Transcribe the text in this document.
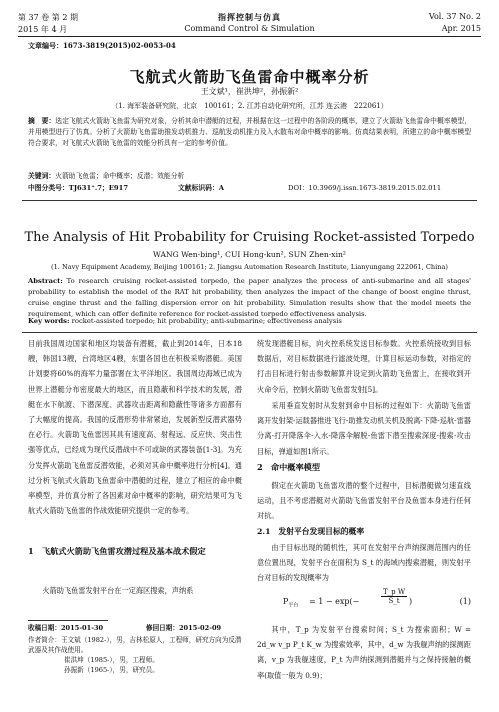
第 37 卷 第 2 期	指挥控制与仿真	Vol. 37 No. 2
2015 年 4 月	Command Control & Simulation	Apr. 2015
文章编号：1673-3819(2015)02-0053-04
飞航式火箭助飞鱼雷命中概率分析
王文斌¹，崔洪坤²，孙振新²
（1. 海军装备研究院，北京　100161；2. 江苏自动化研究所，江苏 连云港　222061）
摘　要：选定飞航式火箭助飞鱼雷为研究对象，分析其命中潜艇的过程，并根据在这一过程中的各阶段的概率，建立了火箭助飞鱼雷命中概率模型，并用模型进行了仿真。分析了火箭助飞鱼雷助推发动机推力、巡航发动机推力及入水散布对命中概率的影响。仿真结果表明，所建立的命中概率模型符合要求，对飞航式火箭助飞鱼雷的效能分析具有一定的参考价值。
关键词：火箭助飞鱼雷；命中概率；反潜；效能分析
中图分类号：TJ631⁺.7；E917	文献标识码：A	DOI：10.3969/j.issn.1673-3819.2015.02.011
The Analysis of Hit Probability for Cruising Rocket-assisted Torpedo
WANG Wen-bing¹, CUI Hong-kun², SUN Zhen-xin²
(1. Navy Equipment Academy, Beijing 100161; 2. Jiangsu Automation Research Institute, Lianyungang 222061, China)
Abstract: To research cruising rocket-assisted torpedo, the paper analyzes the process of anti-submarine and all stages' probability to establish the model of the RAT hit probability, then analyzes the impact of the change of boost engine thrust, cruise engine thrust and the falling dispersion error on hit probability. Simulation results show that the model meets the requirement, which can offer definite reference for rocket-assisted torpedo effectiveness analysis.
Key words: rocket-assisted torpedo; hit probability; anti-submarine; effectiveness analysis
目前我国周边国家和地区均装备有潜艇，截止到2014年，日本18艘，韩国13艘，台湾地区4艘，东盟各国也在积极采购潜艇。美国计划要将60%的海军力量部署在太平洋地区。我国周边海域已成为世界上潜艇分布密度最大的地区，而且隐蔽和科学技术的发展，潜艇在水下航渡、下潜深度、武器攻击距离和隐蔽性等诸多方面都有了大幅度的提高。我国的反潜形势非常紧迫，发展新型反潜武器势在必行。火箭助飞鱼雷因其具有速度高、射程远、反应快、突击性强等优点，已经成为现代反潜战中不可或缺的武器装备[1-3]。为充分发挥火箭助飞鱼雷反潜效能，必须对其命中概率进行分析[4]。通过分析飞航式火箭助飞鱼雷命中潜艇的过程，建立了相应的命中概率模型，并仿真分析了各因素对命中概率的影响，研究结果可为飞航式火箭助飞鱼雷的作战效能研究提供一定的参考。
1　飞航式火箭助飞鱼雷攻潜过程及基本战术假定
火箭助飞鱼雷发射平台在一定海区搜索，声纳系
收稿日期：2015-01-30	修回日期：2015-02-09
作者简介：王文斌（1982-），男，吉林松原人，工程师，研究方向为反潜武器及其作战使用。
崔洪坤（1985-），男，工程师。
孙振新（1965-），男，研究员。
统发现潜艇目标，向火控系统发送目标参数。火控系统接收到目标数据后，对目标数据进行滤波处理，计算目标运动参数，对指定的打击目标进行射击参数解算并设定到火箭助飞鱼雷上，在接收到开火命令后，控制火箭助飞鱼雷发射[5]。
采用垂直发射时从发射到命中目标的过程如下：火箭助飞鱼雷离开发射架-运载器推进飞行-助推发动机关机及脱离-下降-巡航-雷器分离-打开降落伞-入水-降落伞解脱-鱼雷下潜至搜索深度-搜索-攻击目标，弹道如图1所示。
2　命中概率模型
假定在火箭助飞鱼雷攻潜的整个过程中，目标潜艇做匀速直线运动，且不考虑潜艇对火箭助飞鱼雷发射平台及鱼雷本身进行任何对抗。
2.1　发射平台发现目标的概率
由于目标出现的随机性，其可在发射平台声纳探测范围内的任意位置出现，发射平台在面积为 S_t 的海域内搜索潜艇，则发射平台对目标的发现概率为
$P_{平台} = 1 - \exp(-$	$\frac{\text{T\_p W}}{S\_t}$ )	(1)
其中，T_p 为发射平台搜索时间；S_t 为搜索面积；W = 2d_w v_p P_t K_w 为搜索效率，其中，d_w 为我舰声纳的探测距离，v_p 为我舰速度，P_t 为声纳探测到潜艇并与之保持接触的概率(取值一般为 0.9)；
